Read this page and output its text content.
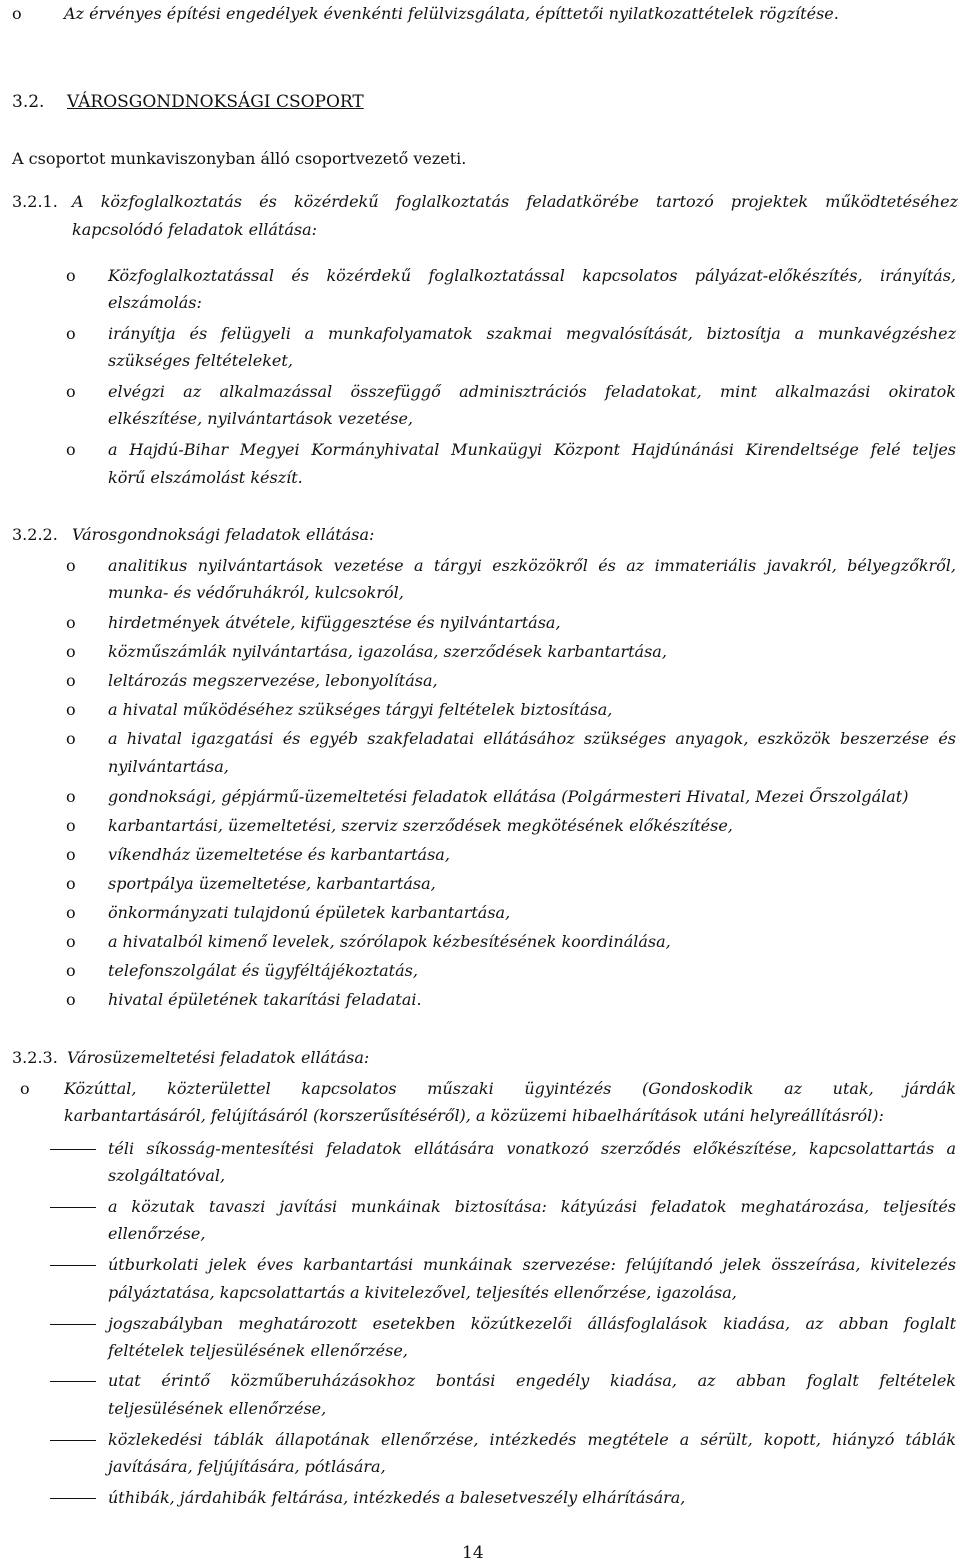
o	Az érvényes építési engedélyek évenkénti felülvizsgálata, építtetői nyilatkozattételek rögzítése.
3.2. VÁROSGONDNOKSÁGI CSOPORT
A csoportot munkaviszonyban álló csoportvezető vezeti.
3.2.1. A közfoglalkoztatás és közérdekű foglalkoztatás feladatkörébe tartozó projektek működtetéséhez
kapcsolódó feladatok ellátása:
o Közfoglalkoztatással és közérdekű foglalkoztatással kapcsolatos pályázat-előkészítés, irányítás,
elszámolás:
o irányítja és felügyeli a munkafolyamatok szakmai megvalósítását, biztosítja a munkavégzéshez
szükséges feltételeket,
o elvégzi az alkalmazással összefüggő adminisztrációs feladatokat, mint alkalmazási okiratok
elkészítése, nyilvántartások vezetése,
o a Hajdú-Bihar Megyei Kormányhivatal Munkaügyi Központ Hajdúnánási Kirendeltsége felé teljes
körű elszámolást készít.
3.2.2. Városgondnoksági feladatok ellátása:
o analitikus nyilvántartások vezetése a tárgyi eszközökről és az immateriális javakról, bélyegzőkről,
munka- és védőruhákról, kulcsokról,
o hirdetmények átvétele, kifüggesztése és nyilvántartása,
o közműszámlák nyilvántartása, igazolása, szerződések karbantartása,
o leltározás megszervezése, lebonyolítása,
o a hivatal működéséhez szükséges tárgyi feltételek biztosítása,
o a hivatal igazgatási és egyéb szakfeladatai ellátásához szükséges anyagok, eszközök beszerzése és
nyilvántartása,
o gondnoksági, gépjármű-üzemeltetési feladatok ellátása (Polgármesteri Hivatal, Mezei Őrszolgálat)
o karbantartási, üzemeltetési, szerviz szerződések megkötésének előkészítése,
o víkendház üzemeltetése és karbantartása,
o sportpálya üzemeltetése, karbantartása,
o önkormányzati tulajdonú épületek karbantartása,
o a hivatalból kimenő levelek, szórólapok kézbesítésének koordinálása,
o telefonszolgálat és ügyféltájékoztatás,
o hivatal épületének takarítási feladatai.
3.2.3. Városüzemeltetési feladatok ellátása:
o Közúttal, közterülettel kapcsolatos műszaki ügyintézés (Gondoskodik az utak, járdák
karbantartásáról, felújításáról (korszerűsítéséről), a közüzemi hibaelhárítások utáni helyreállításról):
téli síkosság-mentesítési feladatok ellátására vonatkozó szerződés előkészítése, kapcsolattartás a
szolgáltatóval,
a közutak tavaszi javítási munkáinak biztosítása: kátyúzási feladatok meghatározása, teljesítés
ellenőrzése,
útburkolati jelek éves karbantartási munkáinak szervezése: felújítandó jelek összeírása, kivitelezés
pályáztatása, kapcsolattartás a kivitelezővel, teljesítés ellenőrzése, igazolása,
jogszabályban meghatározott esetekben közútkezelői állásfoglalások kiadása, az abban foglalt
feltételek teljesülésének ellenőrzése,
utat érintő közműberuházásokhoz bontási engedély kiadása, az abban foglalt feltételek
teljesülésének ellenőrzése,
közlekedési táblák állapotának ellenőrzése, intézkedés megtétele a sérült, kopott, hiányzó táblák
javítására, feljújítására, pótlására,
úthibák, járdahibák feltárása, intézkedés a balesetveszély elhárítására,
14
